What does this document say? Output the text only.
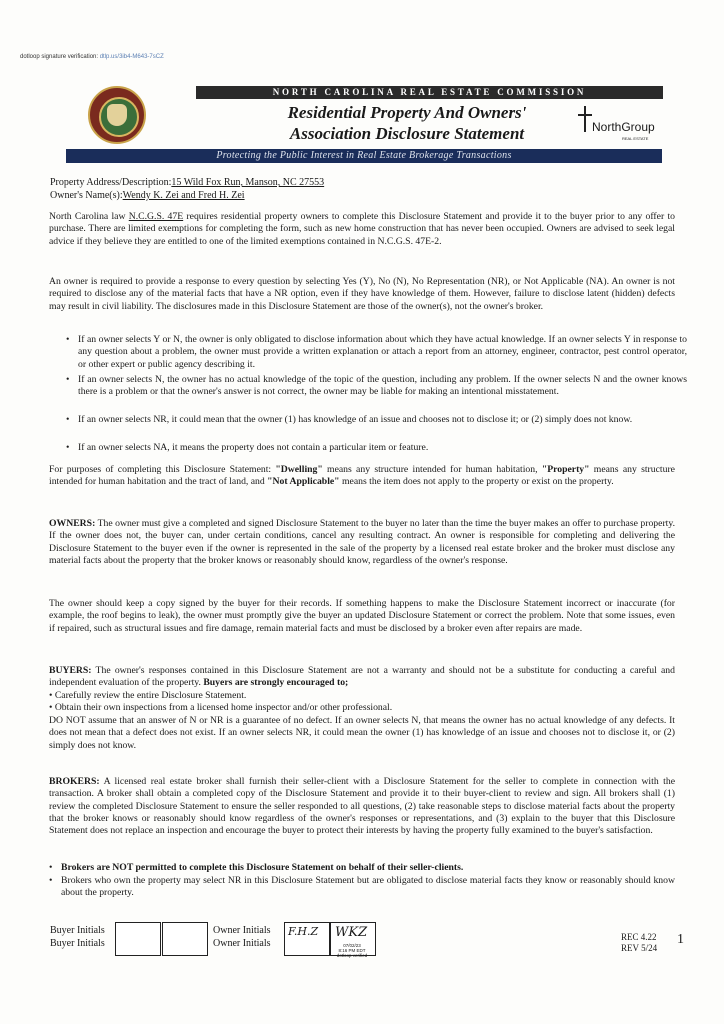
dotloop signature verification: dtlp.us/3ib4-M643-7sCZ
NORTH CAROLINA REAL ESTATE COMMISSION
Residential Property And Owners'
Association Disclosure Statement	NorthGroup
REAL ESTATE
Protecting the Public Interest in Real Estate Brokerage Transactions
Property Address/Description:15 Wild Fox Run, Manson, NC 27553
Owner's Name(s):Wendy K. Zei and Fred H. Zei
North Carolina law N.C.G.S. 47E requires residential property owners to complete this Disclosure Statement and provide it to the buyer prior to any offer to purchase. There are limited exemptions for completing the form, such as new home construction that has never been occupied. Owners are advised to seek legal advice if they believe they are entitled to one of the limited exemptions contained in N.C.G.S. 47E-2.
An owner is required to provide a response to every question by selecting Yes (Y), No (N), No Representation (NR), or Not Applicable (NA). An owner is not required to disclose any of the material facts that have a NR option, even if they have knowledge of them. However, failure to disclose latent (hidden) defects may result in civil liability. The disclosures made in this Disclosure Statement are those of the owner(s), not the owner's broker.
• If an owner selects Y or N, the owner is only obligated to disclose information about which they have actual knowledge. If an owner selects Y in response to any question about a problem, the owner must provide a written explanation or attach a report from an attorney, engineer, contractor, pest control operator, or other expert or public agency describing it.
• If an owner selects N, the owner has no actual knowledge of the topic of the question, including any problem. If the owner selects N and the owner knows there is a problem or that the owner's answer is not correct, the owner may be liable for making an intentional misstatement.
• If an owner selects NR, it could mean that the owner (1) has knowledge of an issue and chooses not to disclose it; or (2) simply does not know.
• If an owner selects NA, it means the property does not contain a particular item or feature.
For purposes of completing this Disclosure Statement: "Dwelling" means any structure intended for human habitation, "Property" means any structure intended for human habitation and the tract of land, and "Not Applicable" means the item does not apply to the property or exist on the property.
OWNERS: The owner must give a completed and signed Disclosure Statement to the buyer no later than the time the buyer makes an offer to purchase property. If the owner does not, the buyer can, under certain conditions, cancel any resulting contract. An owner is responsible for completing and delivering the Disclosure Statement to the buyer even if the owner is represented in the sale of the property by a licensed real estate broker and the broker must disclose any material facts about the property that the broker knows or reasonably should know, regardless of the owner's response.
The owner should keep a copy signed by the buyer for their records. If something happens to make the Disclosure Statement incorrect or inaccurate (for example, the roof begins to leak), the owner must promptly give the buyer an updated Disclosure Statement or correct the problem. Note that some issues, even if repaired, such as structural issues and fire damage, remain material facts and must be disclosed by a broker even after repairs are made.
BUYERS: The owner's responses contained in this Disclosure Statement are not a warranty and should not be a substitute for conducting a careful and independent evaluation of the property. Buyers are strongly encouraged to;
• Carefully review the entire Disclosure Statement.
• Obtain their own inspections from a licensed home inspector and/or other professional.
DO NOT assume that an answer of N or NR is a guarantee of no defect. If an owner selects N, that means the owner has no actual knowledge of any defects. It does not mean that a defect does not exist. If an owner selects NR, it could mean the owner (1) has knowledge of an issue and chooses not to disclose it, or (2) simply does not know.
BROKERS: A licensed real estate broker shall furnish their seller-client with a Disclosure Statement for the seller to complete in connection with the transaction. A broker shall obtain a completed copy of the Disclosure Statement and provide it to their buyer-client to review and sign. All brokers shall (1) review the completed Disclosure Statement to ensure the seller responded to all questions, (2) take reasonable steps to disclose material facts about the property that the broker knows or reasonably should know regardless of the owner's responses or representations, and (3) explain to the buyer that this Disclosure Statement does not replace an inspection and encourage the buyer to protect their interests by having the property fully examined to the buyer's satisfaction.
• Brokers are NOT permitted to complete this Disclosure Statement on behalf of their seller-clients.
• Brokers who own the property may select NR in this Disclosure Statement but are obligated to disclose material facts they know or reasonably should know about the property.
Buyer Initials
Buyer Initials
Owner Initials
Owner Initials
F.H.Z WKZ
07/02/23
8:16 PM EDT
dotloop verified
REC 4.22
REV 5/24
1
